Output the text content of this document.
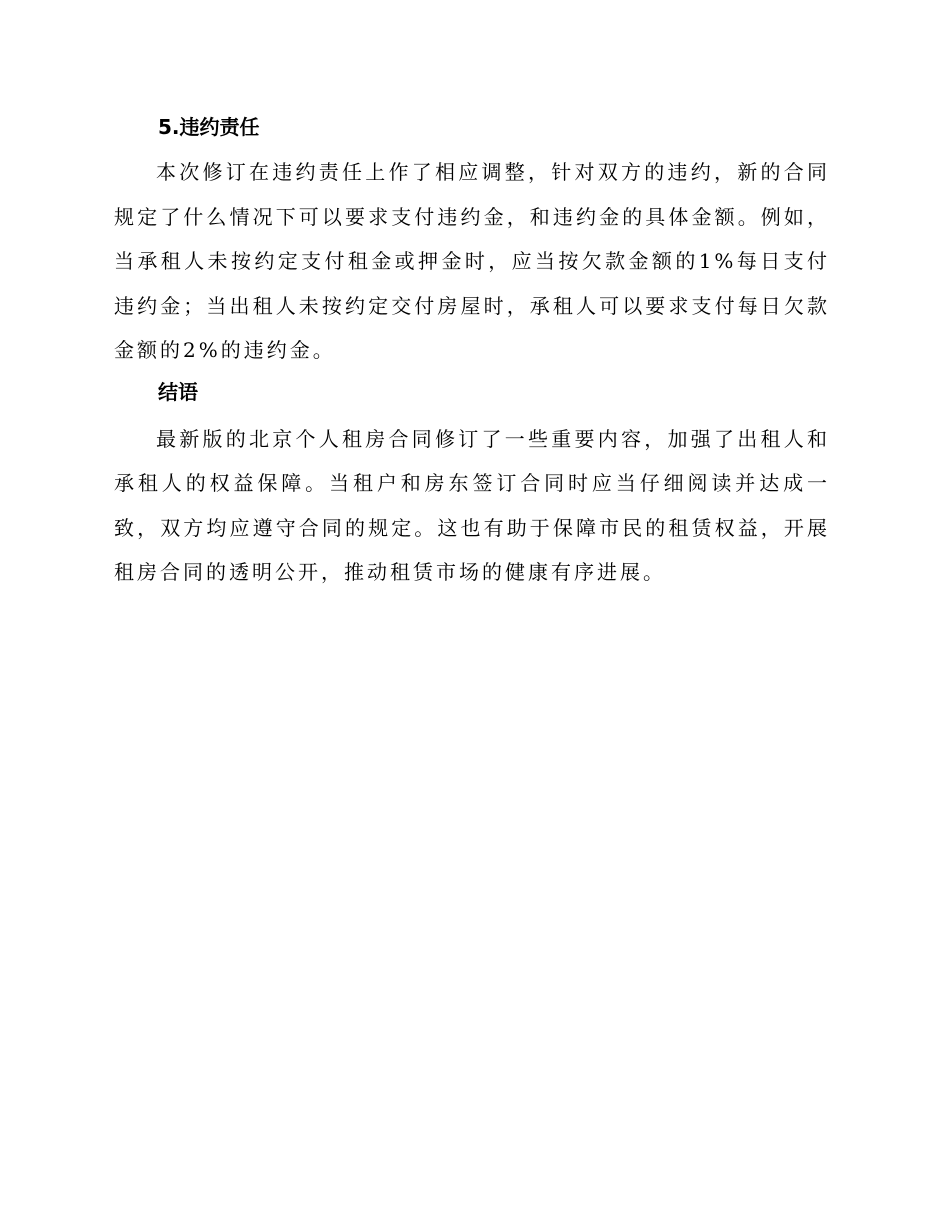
5.违约责任

本次修订在违约责任上作了相应调整，针对双方的违约，新的合同规定了什么情况下可以要求支付违约金，和违约金的具体金额。例如，当承租人未按约定支付租金或押金时，应当按欠款金额的1%每日支付违约金；当出租人未按约定交付房屋时，承租人可以要求支付每日欠款金额的2%的违约金。

结语

最新版的北京个人租房合同修订了一些重要内容，加强了出租人和承租人的权益保障。当租户和房东签订合同时应当仔细阅读并达成一致，双方均应遵守合同的规定。这也有助于保障市民的租赁权益，开展租房合同的透明公开，推动租赁市场的健康有序进展。
